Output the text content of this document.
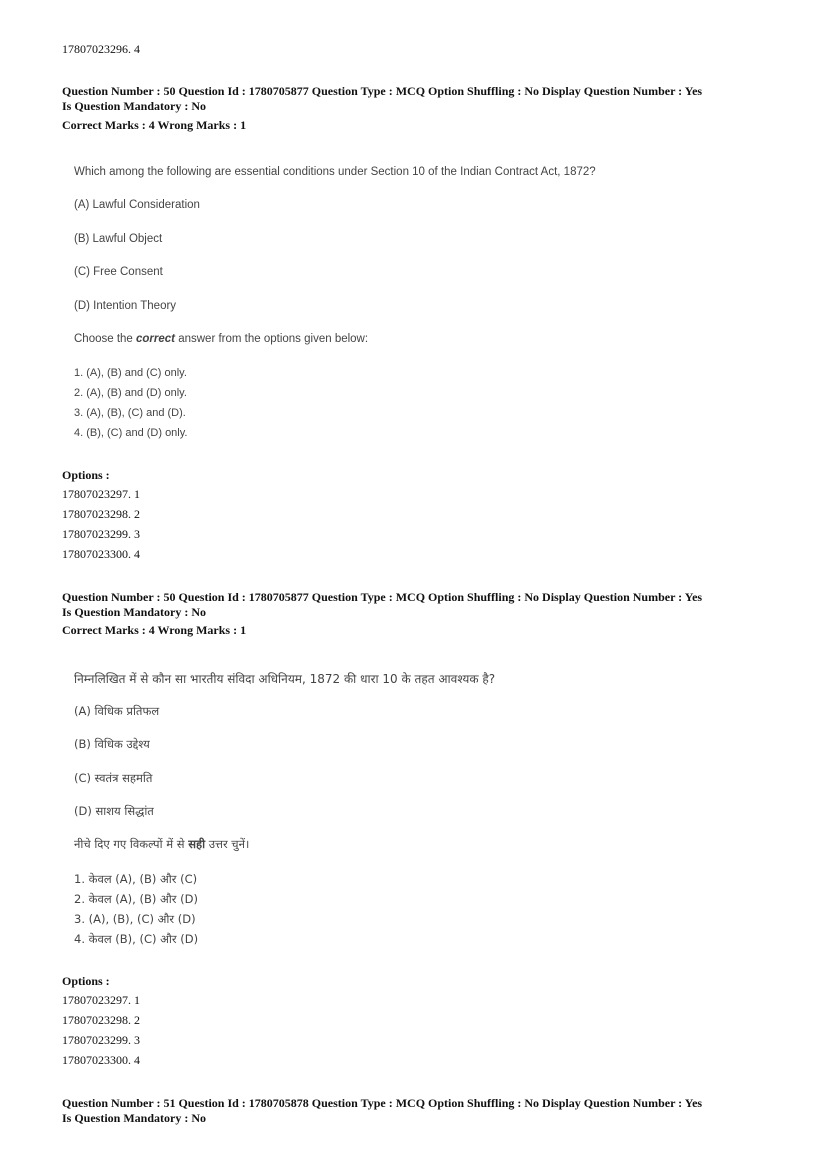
17807023296. 4
Question Number : 50 Question Id : 1780705877 Question Type : MCQ Option Shuffling : No Display Question Number : Yes
Is Question Mandatory : No
Correct Marks : 4 Wrong Marks : 1
Which among the following are essential conditions under Section 10 of the Indian Contract Act, 1872?
(A) Lawful Consideration
(B) Lawful Object
(C) Free Consent
(D) Intention Theory
Choose the correct answer from the options given below:
1. (A), (B) and (C) only.
2. (A), (B) and (D) only.
3. (A), (B), (C) and (D).
4. (B), (C) and (D) only.
Options :
17807023297. 1
17807023298. 2
17807023299. 3
17807023300. 4
Question Number : 50 Question Id : 1780705877 Question Type : MCQ Option Shuffling : No Display Question Number : Yes
Is Question Mandatory : No
Correct Marks : 4 Wrong Marks : 1
निम्नलिखित में से कौन सा भारतीय संविदा अधिनियम, 1872 की धारा 10 के तहत आवश्यक है?
(A) विधिक प्रतिफल
(B) विधिक उद्देश्य
(C) स्वतंत्र सहमति
(D) साशय सिद्धांत
नीचे दिए गए विकल्पों में से सही उत्तर चुनें।
1. केवल (A), (B) और (C)
2. केवल (A), (B) और (D)
3. (A), (B), (C) और (D)
4. केवल (B), (C) और (D)
Options :
17807023297. 1
17807023298. 2
17807023299. 3
17807023300. 4
Question Number : 51 Question Id : 1780705878 Question Type : MCQ Option Shuffling : No Display Question Number : Yes
Is Question Mandatory : No
